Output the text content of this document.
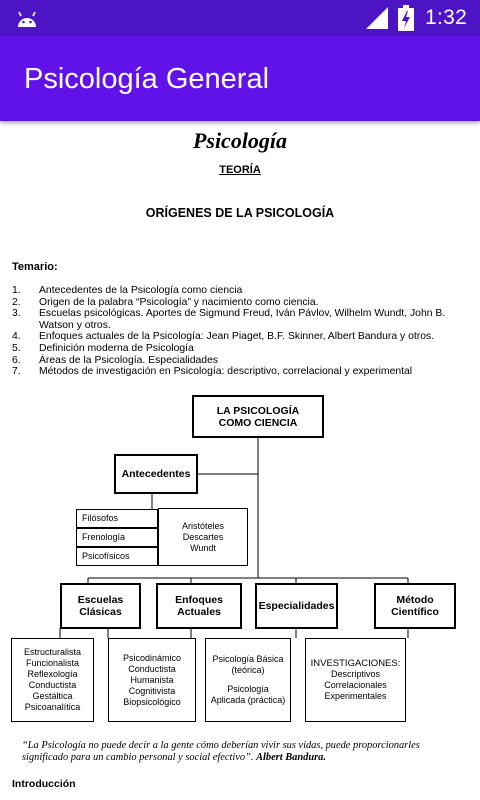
1:32
Psicología General
Psicología
TEORÍA
ORÍGENES DE LA PSICOLOGÍA
Temario:
1. Antecedentes de la Psicología como ciencia
2. Origen de la palabra “Psicología” y nacimiento como ciencia.
3. Escuelas psicológicas. Aportes de Sigmund Freud, Iván Pávlov, Wilhelm Wundt, John B. Watson y otros.
4. Enfoques actuales de la Psicología: Jean Piaget, B.F. Skinner, Albert Bandura y otros.
5. Definición moderna de Psicología
6. Áreas de la Psicología. Especialidades
7. Métodos de investigación en Psicología: descriptivo, correlacional y experimental
LA PSICOLOGÍA
COMO CIENCIA
Antecedentes
Filósofos
Frenología
Psicofísicos
Aristóteles
Descartes
Wundt
Escuelas
Clásicas
Enfoques
Actuales	Especialidades	Método
Científico
Estructuralista
Funcionalista
Reflexología
Conductista
Gestáltica
Psicoanalítica
Psicodinámico
Conductista
Humanista
Cognitivista
Biopsicológico
Psicología Básica
(teórica)
Psicología
Aplicada (práctica)
INVESTIGACIONES:
Descriptivos
Correlacionales
Experimentales
“La Psicología no puede decir a la gente cómo deberían vivir sus vidas, puede proporcionarles significado para un cambio personal y social efectivo”. Albert Bandura.
Introducción
